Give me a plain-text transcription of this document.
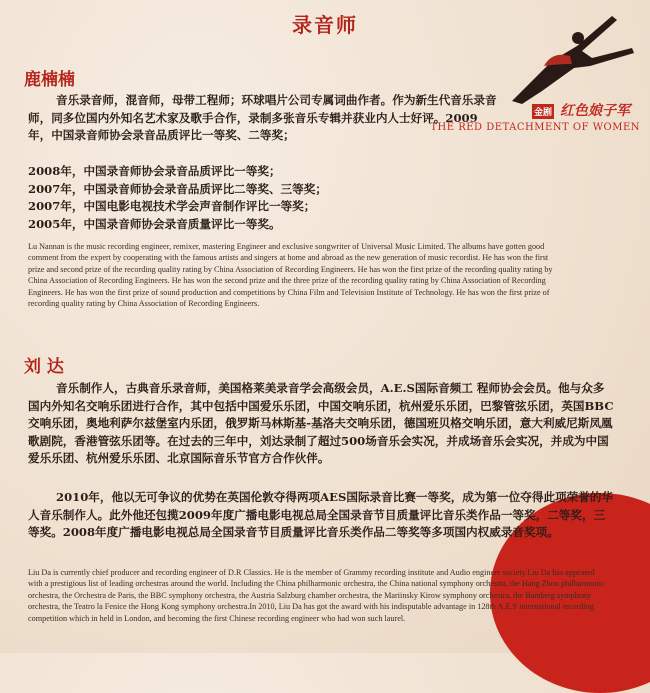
录音师
金剧 红色娘子军
THE RED DETACHMENT OF WOMEN
鹿楠楠
音乐录音师，混音师，母带工程师；环球唱片公司专属词曲作者。作为新生代音乐录音师，同多位国内外知名艺术家及歌手合作，录制多张音乐专辑并获业内人士好评。2009年，中国录音师协会录音品质评比一等奖、二等奖；

2008年，中国录音师协会录音品质评比一等奖；

2007年，中国录音师协会录音品质评比二等奖、三等奖；

2007年，中国电影电视技术学会声音制作评比一等奖；

2005年，中国录音师协会录音质量评比一等奖。

Lu Nannan is the music recording engineer, remixer, mastering Engineer and exclusive songwriter of Universal Music Limited. The albums have gotten good comment from the expert by cooperating with the famous artists and singers at home and abroad as the new generation of music recordist. He has won the first prize and second prize of the recording quality rating by China Association of Recording Engineers. He has won the first prize of the recording quality rating by China Association of Recording Engineers. He has won the second prize and the three prize of the recording quality rating by China Association of Recording Engineers. He has won the first prize of sound production and competitions by China Film and Television Institute of Technology. He has won the first prize of recording quality rating by China Association of Recording Engineers.
刘 达
音乐制作人，古典音乐录音师，美国格莱美录音学会高级会员，A.E.S国际音频工 程师协会会员。他与众多国内外知名交响乐团进行合作，其中包括中国爱乐乐团，中国交响乐团，杭州爱乐乐团，巴黎管弦乐团，英国BBC交响乐团，奥地利萨尔兹堡室内乐团，俄罗斯马林斯基-基洛夫交响乐团，德国班贝格交响乐团，意大利威尼斯凤凰歌剧院，香港管弦乐团等。在过去的三年中，刘达录制了超过500场音乐会实况，并成场音乐会实况，并成为中国爱乐乐团、杭州爱乐乐团、北京国际音乐节官方合作伙伴。
2010年，他以无可争议的优势在英国伦敦夺得两项AES国际录音比赛一等奖，成为第一位夺得此项荣誉的华人音乐制作人。此外他还包揽2009年度广播电影电视总局全国录音节目质量评比音乐类作品一等奖，二等奖，三等奖。2008年度广播电影电视总局全国录音节目质量评比音乐类作品二等奖等多项国内权威录音奖项。
Liu Da is currently chief producer and recording engineer of D.R Classics. He is the member of Grammy recording institute and Audio engineer society.Liu Da has appeared with a prestigious list of leading orchestras around the world. Including the China philharmonic orchestra, the China national symphony orchestra, the Hang Zhou philharmonic orchestra, the Orchestra de Paris, the BBC symphony orchestra, the Austria Salzburg chamber orchestra, the Mariinsky Kirow symphony orchestra, the Bamberg symphony orchestra, the Teatro la Fenice the Hong Kong symphony orchestra.In 2010, Liu Da has got the award with his indisputable advantage in 128th A.E.S international recording competition which in held in London, and becoming the first Chinese recording engineer who had won such laurel.
